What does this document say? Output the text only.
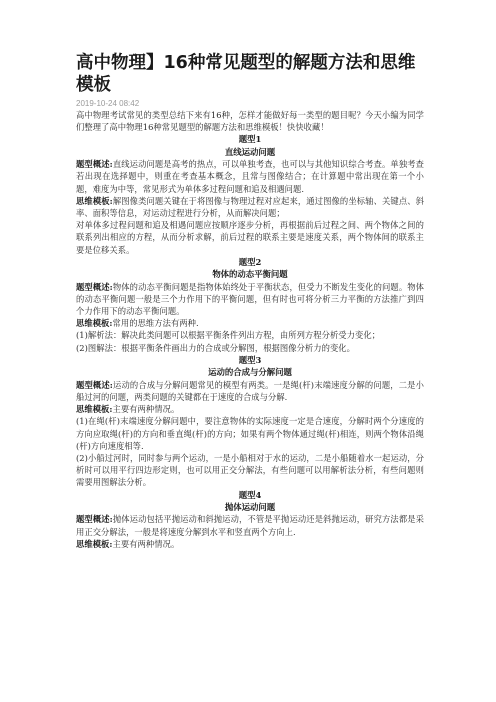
高中物理】16种常见题型的解题方法和思维模板
2019-10-24 08:42

高中物理考试常见的类型总结下来有16种，怎样才能做好每一类型的题目呢？今天小编为同学们整理了高中物理16种常见题型的解题方法和思维模板！快快收藏！

题型1

直线运动问题

题型概述:直线运动问题是高考的热点，可以单独考查，也可以与其他知识综合考查。单独考查若出现在选择题中，则重在考查基本概念，且常与图像结合；在计算题中常出现在第一个小题，难度为中等，常见形式为单体多过程问题和追及相遇问题.

思维模板:解图像类问题关键在于将图像与物理过程对应起来，通过图像的坐标轴、关键点、斜率、面积等信息，对运动过程进行分析，从而解决问题；

对单体多过程问题和追及相遇问题应按顺序逐步分析，再根据前后过程之间、两个物体之间的联系列出相应的方程，从而分析求解，前后过程的联系主要是速度关系，两个物体间的联系主要是位移关系。

题型2

物体的动态平衡问题

题型概述:物体的动态平衡问题是指物体始终处于平衡状态，但受力不断发生变化的问题。物体的动态平衡问题一般是三个力作用下的平衡问题，但有时也可将分析三力平衡的方法推广到四个力作用下的动态平衡问题。

思维模板:常用的思维方法有两种.

(1)解析法：解决此类问题可以根据平衡条件列出方程，由所列方程分析受力变化；

(2)图解法：根据平衡条件画出力的合成或分解图，根据图像分析力的变化。

题型3

运动的合成与分解问题

题型概述:运动的合成与分解问题常见的模型有两类。一是绳(杆)末端速度分解的问题，二是小船过河的问题，两类问题的关键都在于速度的合成与分解.

思维模板:主要有两种情况。

(1)在绳(杆)末端速度分解问题中，要注意物体的实际速度一定是合速度，分解时两个分速度的方向应取绳(杆)的方向和垂直绳(杆)的方向；如果有两个物体通过绳(杆)相连，则两个物体沿绳(杆)方向速度相等.

(2)小船过河时，同时参与两个运动，一是小船相对于水的运动，二是小船随着水一起运动，分析时可以用平行四边形定则，也可以用正交分解法，有些问题可以用解析法分析，有些问题则需要用图解法分析。

题型4

抛体运动问题

题型概述:抛体运动包括平抛运动和斜抛运动，不管是平抛运动还是斜抛运动，研究方法都是采用正交分解法，一般是将速度分解到水平和竖直两个方向上.

思维模板:主要有两种情况。
